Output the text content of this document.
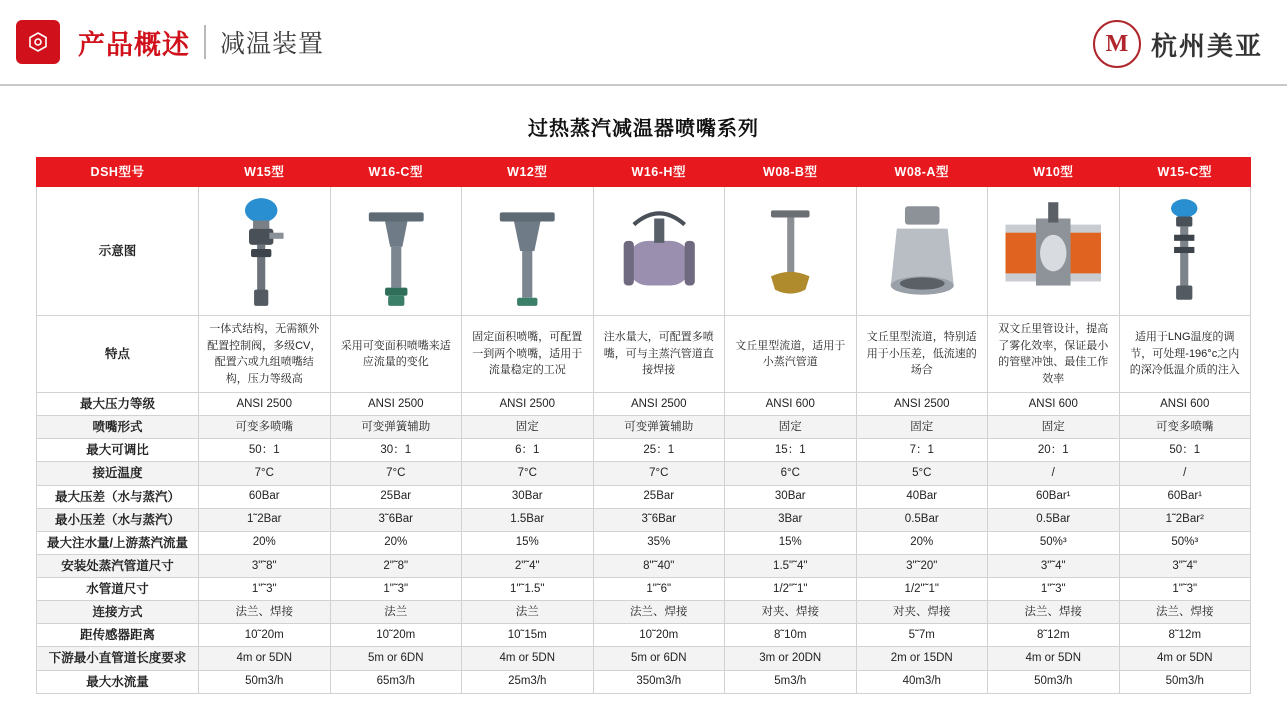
产品概述 减温装置	M 杭州美亚
过热蒸汽减温器喷嘴系列
DSH型号	W15型	W16-C型	W12型	W16-H型	W08-B型	W08-A型	W10型	W15-C型
示意图	

特点	一体式结构，无需额外配置控制阀，多级CV，配置六或九组喷嘴结构，压力等级高	采用可变面积喷嘴来适应流量的变化	固定面积喷嘴，可配置一到两个喷嘴，适用于流量稳定的工况	注水量大，可配置多喷嘴，可与主蒸汽管道直接焊接	文丘里型流道，适用于小蒸汽管道	文丘里型流道，特别适用于小压差，低流速的场合	双文丘里管设计，提高了雾化效率，保证最小的管壁冲蚀、最佳工作效率	适用于LNG温度的调节，可处理-196°c之内的深冷低温介质的注入
最大压力等级	ANSI 2500	ANSI 2500	ANSI 2500	ANSI 2500	ANSI 600	ANSI 2500	ANSI 600	ANSI 600
喷嘴形式	可变多喷嘴	可变弹簧辅助	固定	可变弹簧辅助	固定	固定	固定	可变多喷嘴
最大可调比	50：1	30：1	6：1	25：1	15：1	7：1	20：1	50：1
接近温度	7°C	7°C	7°C	7°C	6°C	5°C	/	/
最大压差（水与蒸汽）	60Bar	25Bar	30Bar	25Bar	30Bar	40Bar	60Bar¹	60Bar¹
最小压差（水与蒸汽）	1˜2Bar	3˜6Bar	1.5Bar	3˜6Bar	3Bar	0.5Bar	0.5Bar	1˜2Bar²
最大注水量/上游蒸汽流量	20%	20%	15%	35%	15%	20%	50%³	50%³
安装处蒸汽管道尺寸	3"˜8"	2"˜8"	2"˜4"	8"˜40"	1.5"˜4"	3"˜20"	3"˜4"	3"˜4"
水管道尺寸	1"˜3"	1"˜3"	1"˜1.5"	1"˜6"	1/2"˜1"	1/2"˜1"	1"˜3"	1"˜3"
连接方式	法兰、焊接	法兰	法兰	法兰、焊接	对夹、焊接	对夹、焊接	法兰、焊接	法兰、焊接
距传感器距离	10˜20m	10˜20m	10˜15m	10˜20m	8˜10m	5˜7m	8˜12m	8˜12m
下游最小直管道长度要求	4m or 5DN	5m or 6DN	4m or 5DN	5m or 6DN	3m or 20DN	2m or 15DN	4m or 5DN	4m or 5DN
最大水流量	50m3/h	65m3/h	25m3/h	350m3/h	5m3/h	40m3/h	50m3/h	50m3/h
